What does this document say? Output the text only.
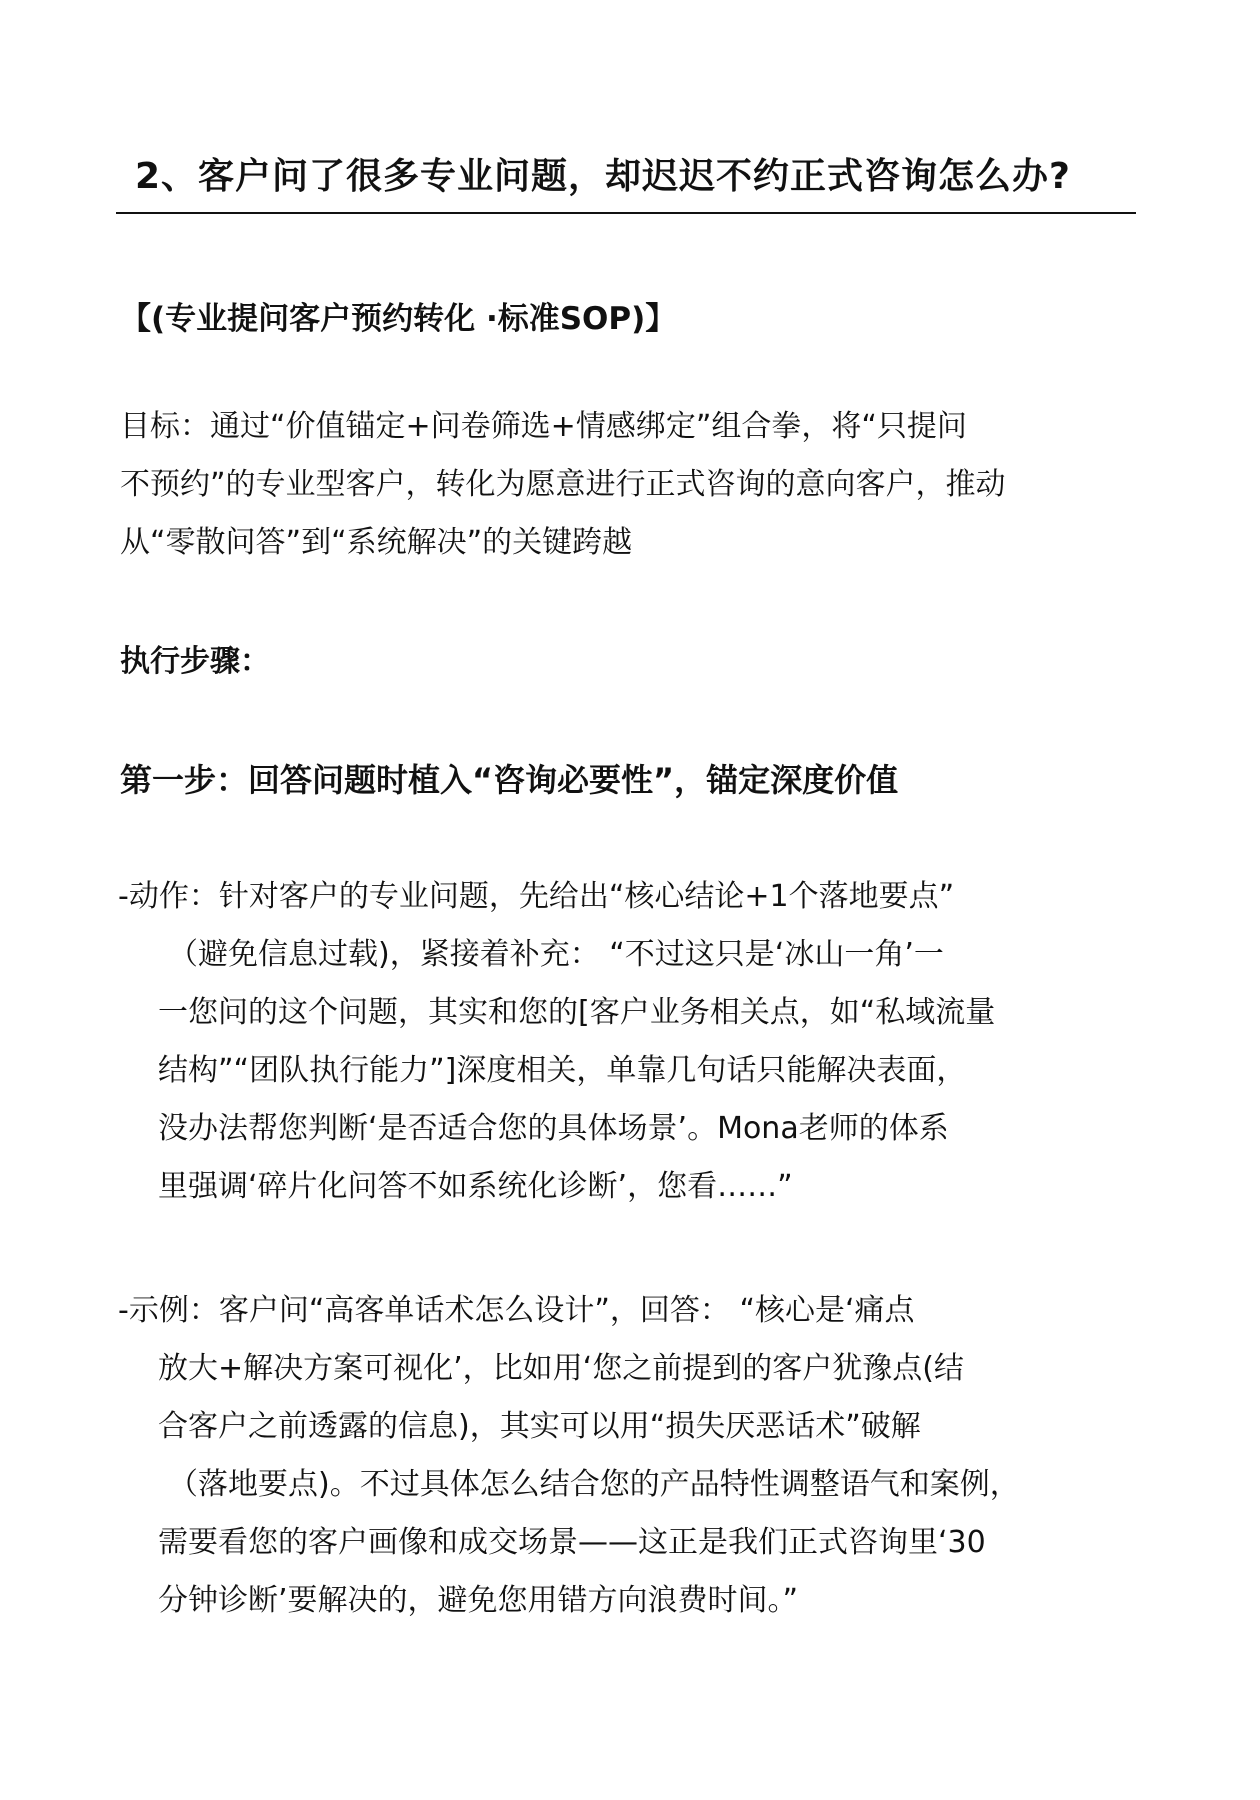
2、客户问了很多专业问题，却迟迟不约正式咨询怎么办?
【(专业提问客户预约转化 ·标准SOP)】
目标：通过“价值锚定+问卷筛选+情感绑定”组合拳，将“只提问
不预约”的专业型客户，转化为愿意进行正式咨询的意向客户，推动
从“零散问答”到“系统解决”的关键跨越
执行步骤：
第一步：回答问题时植入“咨询必要性”，锚定深度价值
-动作：针对客户的专业问题，先给出“核心结论+1个落地要点”
（避免信息过载)，紧接着补充： “不过这只是‘冰山一角’一
一您问的这个问题，其实和您的[客户业务相关点，如“私域流量
结构”“团队执行能力”]深度相关，单靠几句话只能解决表面，
没办法帮您判断‘是否适合您的具体场景’。Mona老师的体系
里强调‘碎片化问答不如系统化诊断’，您看……”
-示例：客户问“高客单话术怎么设计”，回答： “核心是‘痛点
放大+解决方案可视化’，比如用‘您之前提到的客户犹豫点(结
合客户之前透露的信息)，其实可以用“损失厌恶话术”破解
（落地要点)。不过具体怎么结合您的产品特性调整语气和案例，
需要看您的客户画像和成交场景——这正是我们正式咨询里‘30
分钟诊断’要解决的，避免您用错方向浪费时间。”
